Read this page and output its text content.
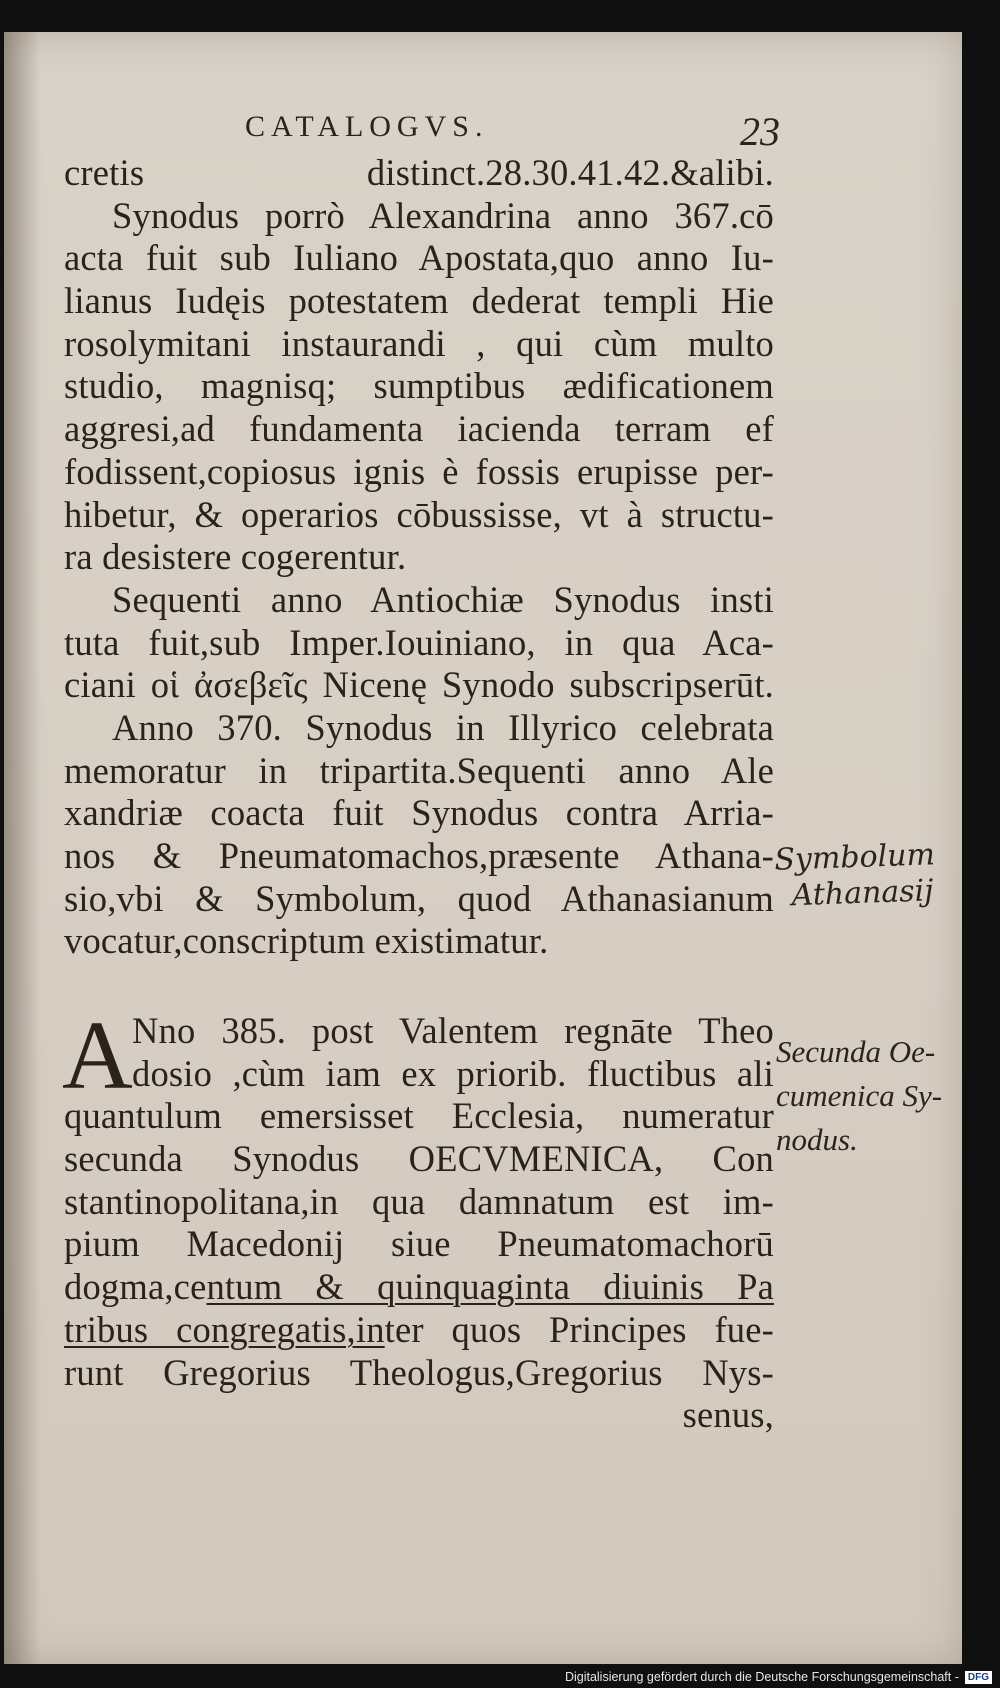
CATALOGVS.	23
cretis distinct.28.30.41.42.&alibi.
Synodus porrò Alexandrina anno 367.cō
acta fuit sub Iuliano Apostata,quo anno Iu-
lianus Iudęis potestatem dederat templi Hie
rosolymitani instaurandi , qui cùm multo
studio, magnisq; sumptibus ædificationem
aggresi,ad fundamenta iacienda terram ef
fodissent,copiosus ignis è fossis erupisse per-
hibetur, & operarios cōbussisse, vt à structu-
ra desistere cogerentur.
Sequenti anno Antiochiæ Synodus insti
tuta fuit,sub Imper.Iouiniano, in qua Aca-
ciani οἱ ἀσεβεῖς Nicenę Synodo subscripserūt.
Anno 370. Synodus in Illyrico celebrata
memoratur in tripartita.Sequenti anno Ale
xandriæ coacta fuit Synodus contra Arria-
nos & Pneumatomachos,præsente Athana-
sio,vbi & Symbolum, quod Athanasianum
vocatur,conscriptum existimatur.
A Nno 385. post Valentem regnāte Theo
dosio ,cùm iam ex priorib. fluctibus ali
quantulum emersisset Ecclesia, numeratur
secunda Synodus OECVMENICA, Con
stantinopolitana,in qua damnatum est im-
pium Macedonij siue Pneumatomachorū
dogma,centum & quinquaginta diuinis Pa
tribus congregatis,inter quos Principes fue-
runt Gregorius Theologus,Gregorius Nys-
senus,
Symbolum
Athanasij
Secunda Oe-
cumenica Sy-
nodus.
Digitalisierung gefördert durch die Deutsche Forschungsgemeinschaft - DFG
